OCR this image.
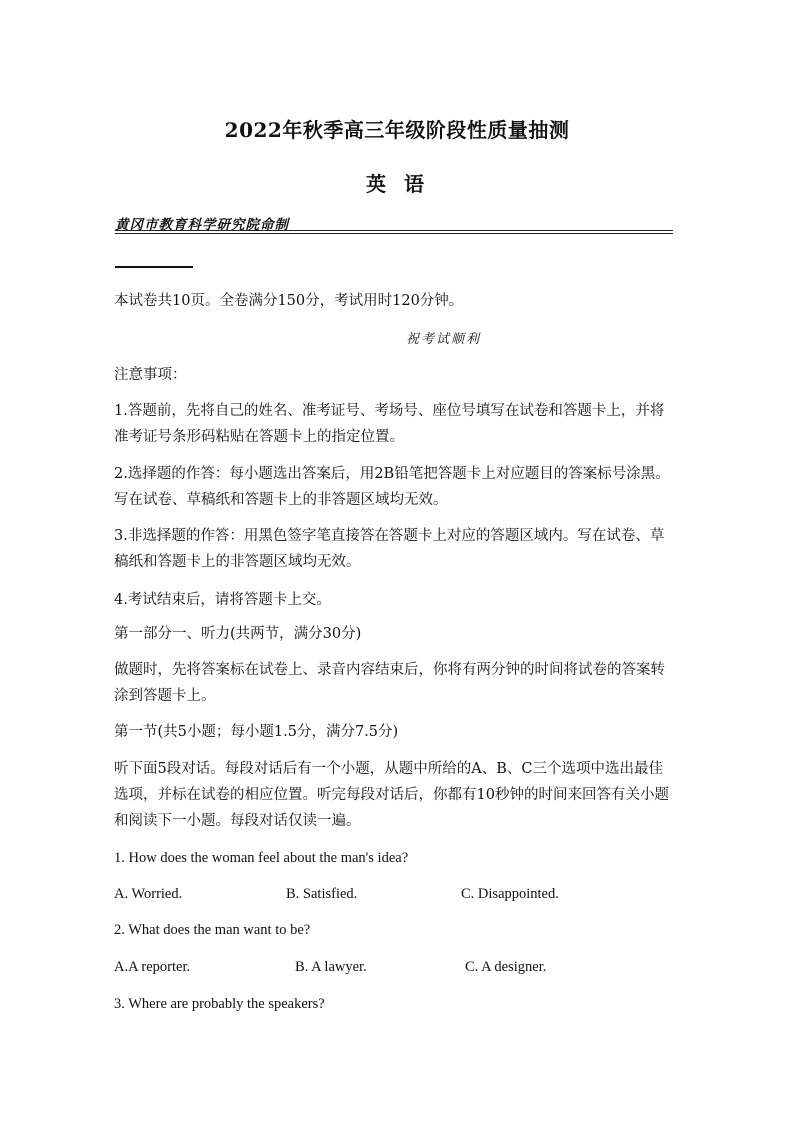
2022年秋季高三年级阶段性质量抽测
英语
黄冈市教育科学研究院命制
本试卷共10页。全卷满分150分，考试用时120分钟。
祝考试顺利
注意事项：
1.答题前，先将自己的姓名、准考证号、考场号、座位号填写在试卷和答题卡上，并将准考证号条形码粘贴在答题卡上的指定位置。
2.选择题的作答：每小题选出答案后，用2B铅笔把答题卡上对应题目的答案标号涂黑。写在试卷、草稿纸和答题卡上的非答题区域均无效。
3.非选择题的作答：用黑色签字笔直接答在答题卡上对应的答题区域内。写在试卷、草稿纸和答题卡上的非答题区域均无效。
4.考试结束后，请将答题卡上交。
第一部分一、听力(共两节，满分30分)
做题时，先将答案标在试卷上、录音内容结束后，你将有两分钟的时间将试卷的答案转涂到答题卡上。
第一节(共5小题；每小题1.5分，满分7.5分)
听下面5段对话。每段对话后有一个小题，从题中所给的A、B、C三个选项中选出最佳选项，并标在试卷的相应位置。听完每段对话后，你都有10秒钟的时间来回答有关小题和阅读下一小题。每段对话仅读一遍。
1. How does the woman feel about the man's idea?
A. Worried.	B. Satisfied.	C. Disappointed.
2. What does the man want to be?
A.A reporter.	B. A lawyer.	C. A designer.
3. Where are probably the speakers?
